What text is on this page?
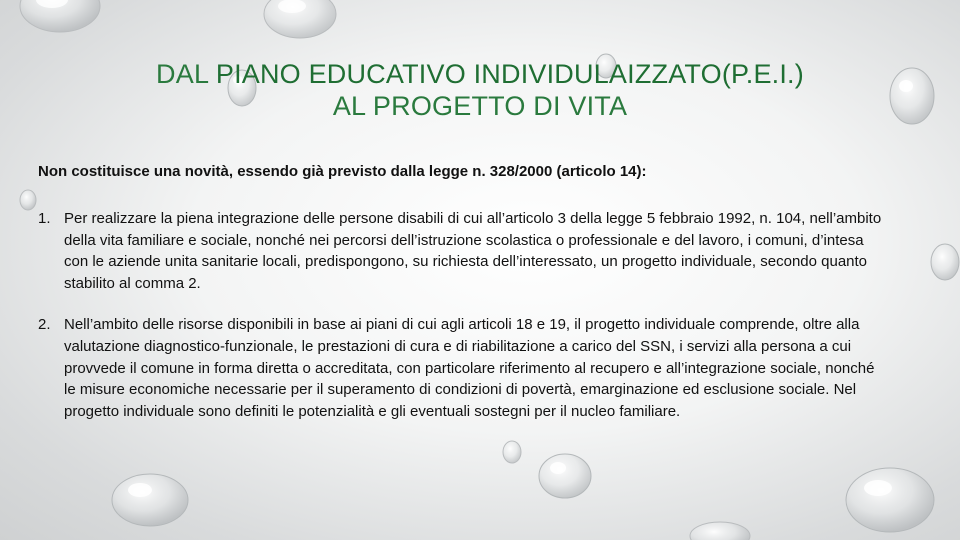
DAL PIANO EDUCATIVO INDIVIDULAIZZATO(P.E.I.)
AL PROGETTO DI VITA
Non costituisce una novità, essendo già previsto dalla legge n. 328/2000 (articolo 14):
1. Per realizzare la piena integrazione delle persone disabili di cui all’articolo 3 della legge 5 febbraio 1992, n. 104, nell’ambito della vita familiare e sociale, nonché nei percorsi dell’istruzione scolastica o professionale e del lavoro, i comuni, d’intesa con le aziende unita sanitarie locali, predispongono, su richiesta dell’interessato, un progetto individuale, secondo quanto stabilito al comma 2.
2. Nell’ambito delle risorse disponibili in base ai piani di cui agli articoli 18 e 19, il progetto individuale comprende, oltre alla valutazione diagnostico-funzionale, le prestazioni di cura e di riabilitazione a carico del SSN, i servizi alla persona a cui provvede il comune in forma diretta o accreditata, con particolare riferimento al recupero e all’integrazione sociale, nonché le misure economiche necessarie per il superamento di condizioni di povertà, emarginazione ed esclusione sociale. Nel progetto individuale sono definiti le potenzialità e gli eventuali sostegni per il nucleo familiare.
